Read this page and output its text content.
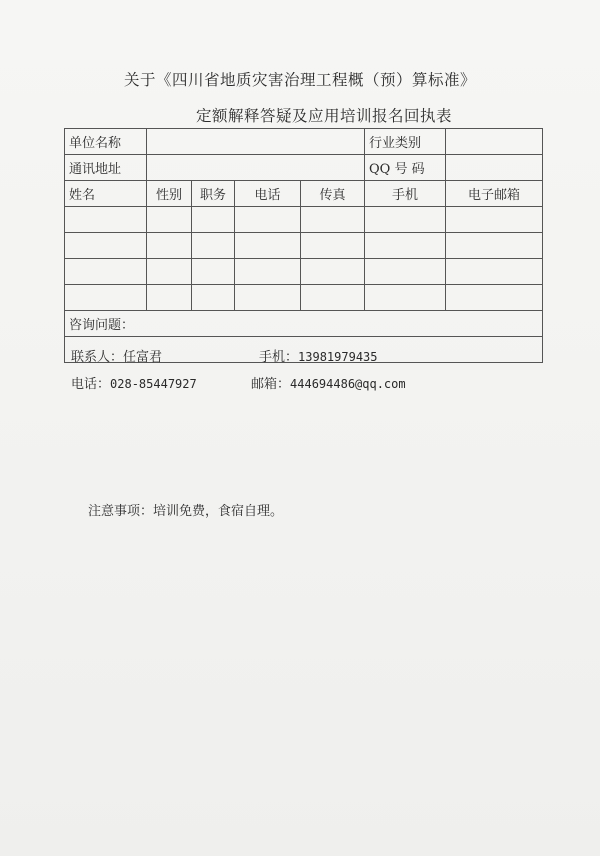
关于《四川省地质灾害治理工程概（预）算标准》
定额解释答疑及应用培训报名回执表
单位名称					行业类别	
通讯地址					QQ 号 码	
姓名	性别	职务	电话	传真	手机	电子邮箱

咨询问题：						

联系人：任富君 手机：13981979435
电话：028-85447927 邮箱：444694486@qq.com						
注意事项：培训免费，食宿自理。
